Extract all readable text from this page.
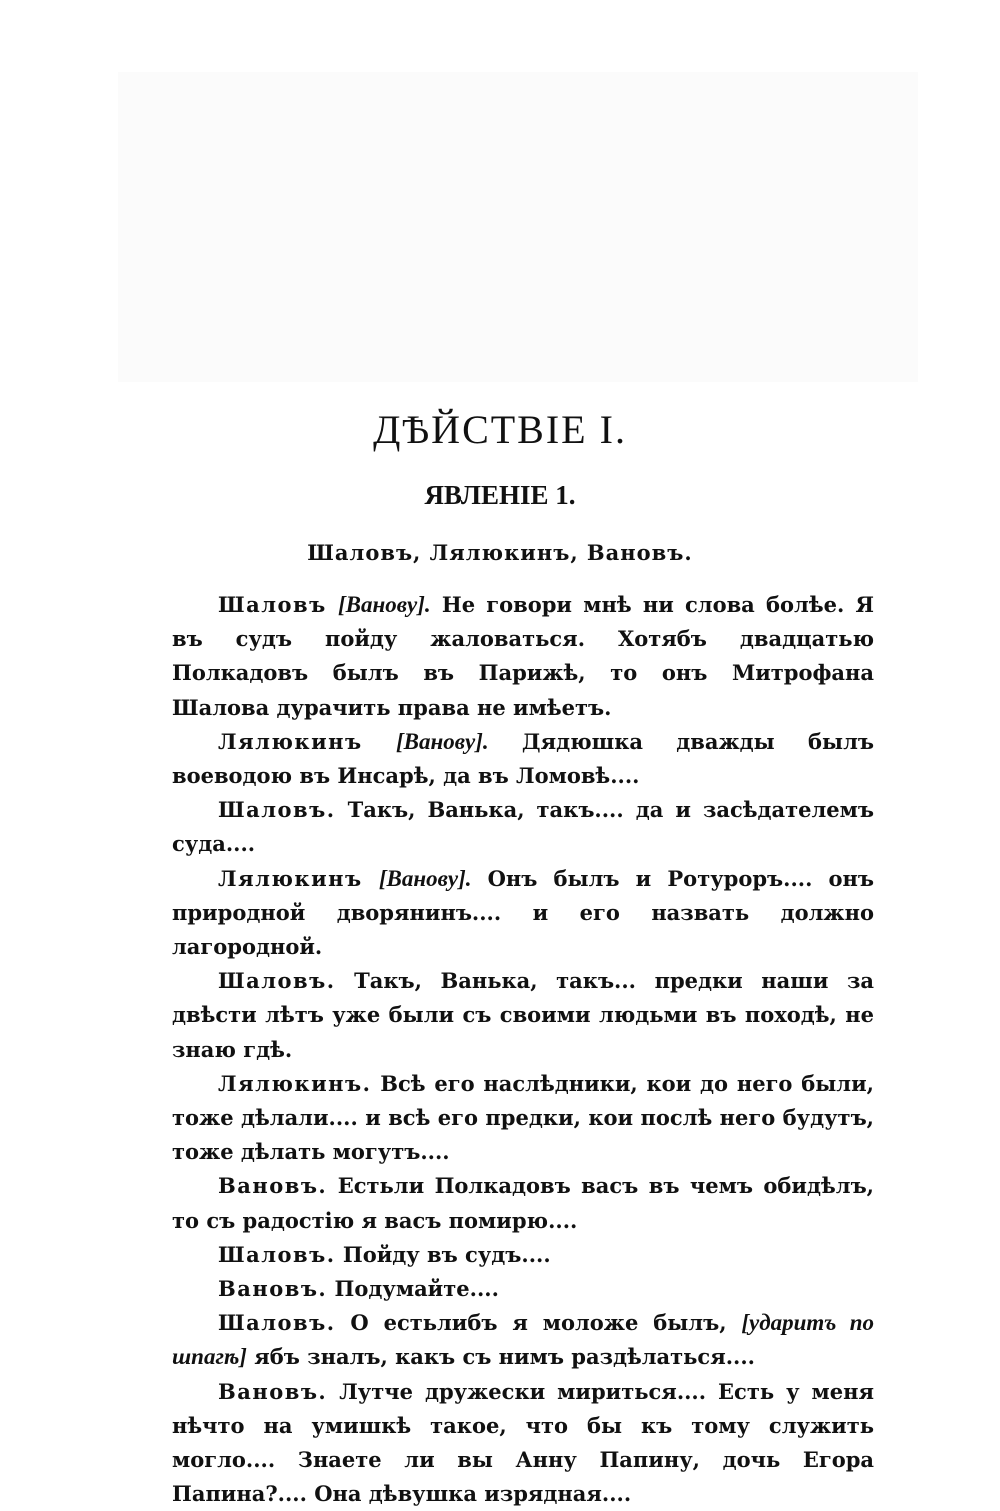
ДѢЙСТВІЕ I.
ЯВЛЕНІЕ 1.

Шаловъ, Лялюкинъ, Вановъ.

Шаловъ [Ванову]. Не говори мнѣ ни слова болѣе. Я въ судъ пойду жаловаться. Хотябъ двадцатью Полкадовъ былъ въ Парижѣ, то онъ Митрофана Шалова дурачить права не имѣетъ.

Лялюкинъ [Ванову]. Дядюшка дважды былъ воеводою въ Инсарѣ, да въ Ломовѣ....

Шаловъ. Такъ, Ванька, такъ.... да и засѣдателемъ суда....

Лялюкинъ [Ванову]. Онъ былъ и Ротуроръ.... онъ природной дворянинъ.... и его назвать должно лагородной.

Шаловъ. Такъ, Ванька, такъ... предки наши за двѣсти лѣтъ уже были съ своими людьми въ походѣ, не знаю гдѣ.

Лялюкинъ. Всѣ его наслѣдники, кои до него были, тоже дѣлали.... и всѣ его предки, кои послѣ него будутъ, тоже дѣлать могутъ....

Вановъ. Естьли Полкадовъ васъ въ чемъ обидѣлъ, то съ радостію я васъ помирю....

Шаловъ. Пойду въ судъ....

Вановъ. Подумайте....

Шаловъ. О естьлибъ я моложе былъ, [ударитъ по шпагѣ] ябъ зналъ, какъ съ нимъ раздѣлаться....

Вановъ. Лутче дружески мириться.... Есть у меня нѣчто на умишкѣ такое, что бы къ тому служить могло.... Знаете ли вы Анну Папину, дочь Егора Папина?.... Она дѣвушка изрядная....
